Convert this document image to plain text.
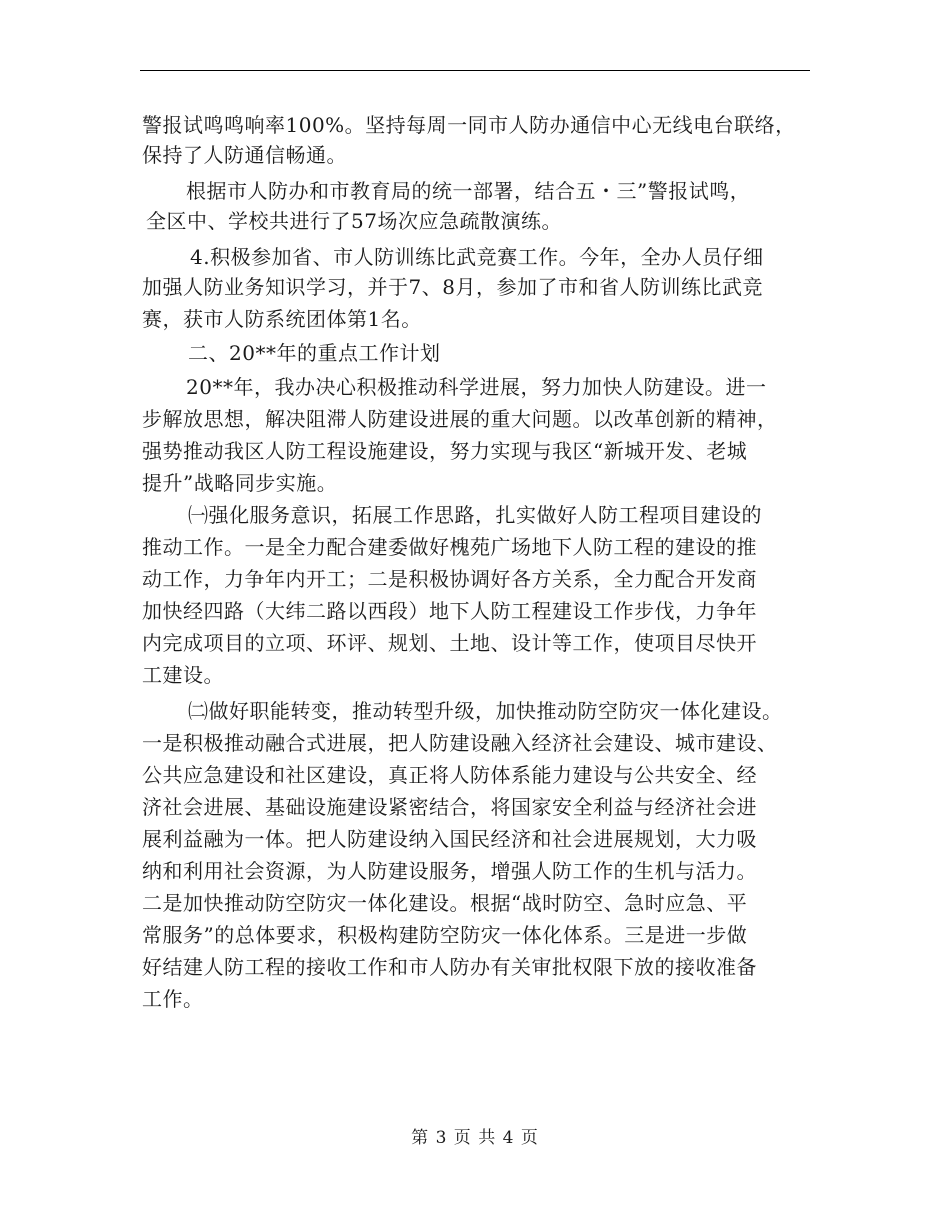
警报试鸣鸣响率100%。坚持每周一同市人防办通信中心无线电台联络，
保持了人防通信畅通。
根据市人防办和市教育局的统一部署，结合五・三”警报试鸣，
全区中、学校共进行了57场次应急疏散演练。
4.积极参加省、市人防训练比武竞赛工作。今年，全办人员仔细
加强人防业务知识学习，并于7、8月，参加了市和省人防训练比武竞
赛，获市人防系统团体第1名。
二、20**年的重点工作计划
20**年，我办决心积极推动科学进展，努力加快人防建设。进一
步解放思想，解决阻滞人防建设进展的重大问题。以改革创新的精神，
强势推动我区人防工程设施建设，努力实现与我区“新城开发、老城
提升”战略同步实施。
㈠强化服务意识，拓展工作思路，扎实做好人防工程项目建设的
推动工作。一是全力配合建委做好槐苑广场地下人防工程的建设的推
动工作，力争年内开工；二是积极协调好各方关系，全力配合开发商
加快经四路（大纬二路以西段）地下人防工程建设工作步伐，力争年
内完成项目的立项、环评、规划、土地、设计等工作，使项目尽快开
工建设。
㈡做好职能转变，推动转型升级，加快推动防空防灾一体化建设。
一是积极推动融合式进展，把人防建设融入经济社会建设、城市建设、
公共应急建设和社区建设，真正将人防体系能力建设与公共安全、经
济社会进展、基础设施建设紧密结合，将国家安全利益与经济社会进
展利益融为一体。把人防建设纳入国民经济和社会进展规划，大力吸
纳和利用社会资源，为人防建设服务，增强人防工作的生机与活力。
二是加快推动防空防灾一体化建设。根据“战时防空、急时应急、平
常服务”的总体要求，积极构建防空防灾一体化体系。三是进一步做
好结建人防工程的接收工作和市人防办有关审批权限下放的接收准备
工作。
第 3 页 共 4 页
